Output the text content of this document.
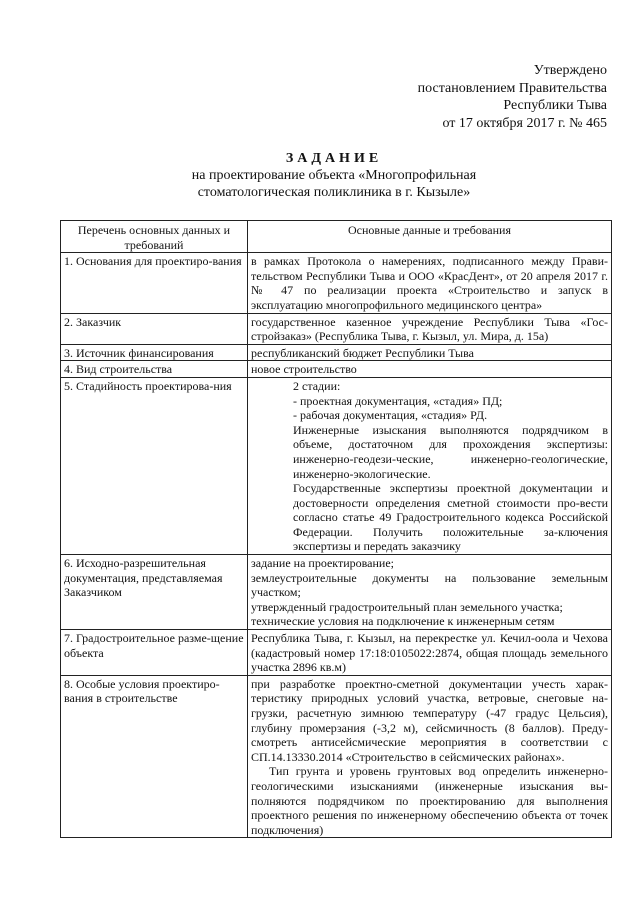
Утверждено
постановлением Правительства
Республики Тыва
от 17 октября 2017 г. № 465
ЗАДАНИЕ
на проектирование объекта «Многопрофильная
стоматологическая поликлиника в г. Кызыле»
Перечень основных данных и требований	Основные данные и требования
1. Основания для проектиро-вания	в рамках Протокола о намерениях, подписанного между Прави-тельством Республики Тыва и ООО «КрасДент», от 20 апреля 2017 г. № 47 по реализации проекта «Строительство и запуск в эксплуатацию многопрофильного медицинского центра»

2. Заказчик	государственное казенное учреждение Республики Тыва «Гос-стройзаказ» (Республика Тыва, г. Кызыл, ул. Мира, д. 15а)

3. Источник финансирования	республиканский бюджет Республики Тыва

4. Вид строительства	новое строительство

5. Стадийность проектирова-ния	2 стадии:
- проектная документация, «стадия» ПД;
- рабочая документация, «стадия» РД.
Инженерные изыскания выполняются подрядчиком в объеме, достаточном для прохождения экспертизы: инженерно-геодези-ческие, инженерно-геологические, инженерно-экологические.
Государственные экспертизы проектной документации и достоверности определения сметной стоимости про-вести согласно статье 49 Градостроительного кодекса Российской Федерации. Получить положительные за-ключения экспертизы и передать заказчику

6. Исходно-разрешительная документация, представляемая Заказчиком	задание на проектирование;
землеустроительные документы на пользование земельным участком;
утвержденный градостроительный план земельного участка;
технические условия на подключение к инженерным сетям

7. Градостроительное разме-щение объекта	Республика Тыва, г. Кызыл, на перекрестке ул. Кечил-оола и Чехова (кадастровый номер 17:18:0105022:2874, общая площадь земельного участка 2896 кв.м)

8. Особые условия проектиро-вания в строительстве	при разработке проектно-сметной документации учесть харак-теристику природных условий участка, ветровые, снеговые на-грузки, расчетную зимнюю температуру (-47 градус Цельсия), глубину промерзания (-3,2 м), сейсмичность (8 баллов). Преду-смотреть антисейсмические мероприятия в соответствии с СП.14.13330.2014 «Строительство в сейсмических районах».
Тип грунта и уровень грунтовых вод определить инженерно-геологическими изысканиями (инженерные изыскания вы-полняются подрядчиком по проектированию для выполнения проектного решения по инженерному обеспечению объекта от точек подключения)
